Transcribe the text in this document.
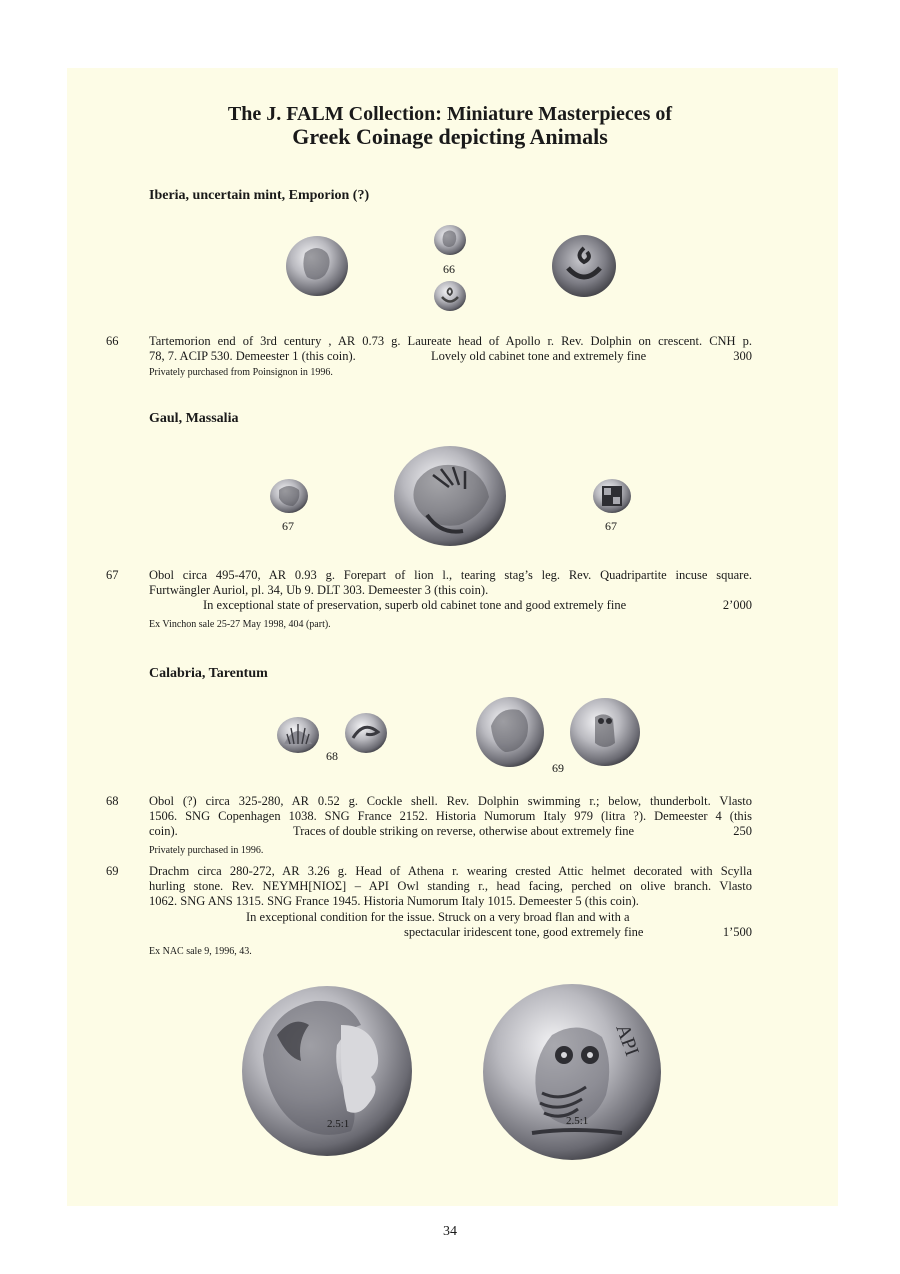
The J. FALM Collection: Miniature Masterpieces of
Greek Coinage depicting Animals
Iberia, uncertain mint, Emporion (?)
66
66 Tartemorion end of 3rd century , AR 0.73 g. Laureate head of Apollo r. Rev. Dolphin on crescent. CNH p.
78, 7. ACIP 530. Demeester 1 (this coin).	Lovely old cabinet tone and extremely fine	300
Privately purchased from Poinsignon in 1996.
Gaul, Massalia
67	67
67 Obol circa 495-470, AR 0.93 g. Forepart of lion l., tearing stag’s leg. Rev. Quadripartite incuse square.
Furtwängler Auriol, pl. 34, Ub 9. DLT 303. Demeester 3 (this coin).
In exceptional state of preservation, superb old cabinet tone and good extremely fine	2’000
Ex Vinchon sale 25-27 May 1998, 404 (part).
Calabria, Tarentum
68
69
68 Obol (?) circa 325-280, AR 0.52 g. Cockle shell. Rev. Dolphin swimming r.; below, thunderbolt. Vlasto
1506. SNG Copenhagen 1038. SNG France 2152. Historia Numorum Italy 979 (litra ?). Demeester 4 (this
coin).	Traces of double striking on reverse, otherwise about extremely fine	250
Privately purchased in 1996.
69 Drachm circa 280-272, AR 3.26 g. Head of Athena r. wearing crested Attic helmet decorated with Scylla
hurling stone. Rev. ΝΕΥΜΗ[ΝΙΟΣ] – ΑΡΙ Owl standing r., head facing, perched on olive branch. Vlasto
1062. SNG ANS 1315. SNG France 1945. Historia Numorum Italy 1015. Demeester 5 (this coin).
In exceptional condition for the issue. Struck on a very broad flan and with a
spectacular iridescent tone, good extremely fine	1’500
Ex NAC sale 9, 1996, 43.
2.5:1
ΑΡΙ
2.5:1
34
